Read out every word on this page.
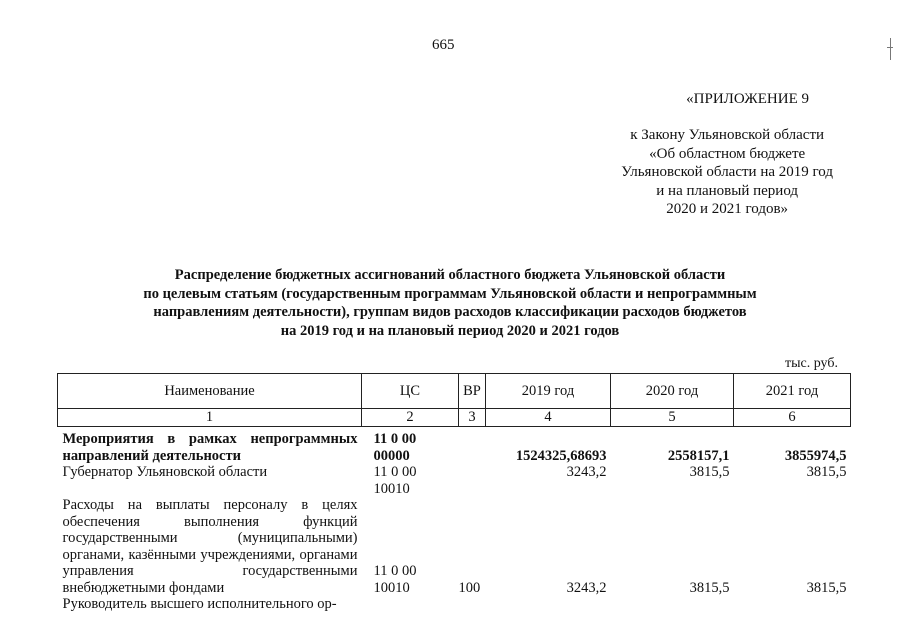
665
«ПРИЛОЖЕНИЕ 9
к Закону Ульяновской области
«Об областном бюджете
Ульяновской области на 2019 год
и на плановый период
2020 и 2021 годов»
Распределение бюджетных ассигнований областного бюджета Ульяновской области
по целевым статьям (государственным программам Ульяновской области и непрограммным
направлениям деятельности), группам видов расходов классификации расходов бюджетов
на 2019 год и на плановый период 2020 и 2021 годов
тыс. руб.
Наименование	ЦС	ВР	2019 год	2020 год	2021 год
1	2	3	4	5	6
Мероприятия в рамках непрограммных направлений деятельности	11 0 00 00000		1524325,68693	2558157,1	3855974,5
Губернатор Ульяновской области	11 0 00 10010		3243,2	3815,5	3815,5
Расходы на выплаты персоналу в целях обеспечения выполнения функций государственными (муниципальными) органами, казёнными учреждениями, органами управления государственными внебюджетными фондами	11 0 00 10010	100	3243,2	3815,5	3815,5
Руководитель высшего исполнительного ор-					
